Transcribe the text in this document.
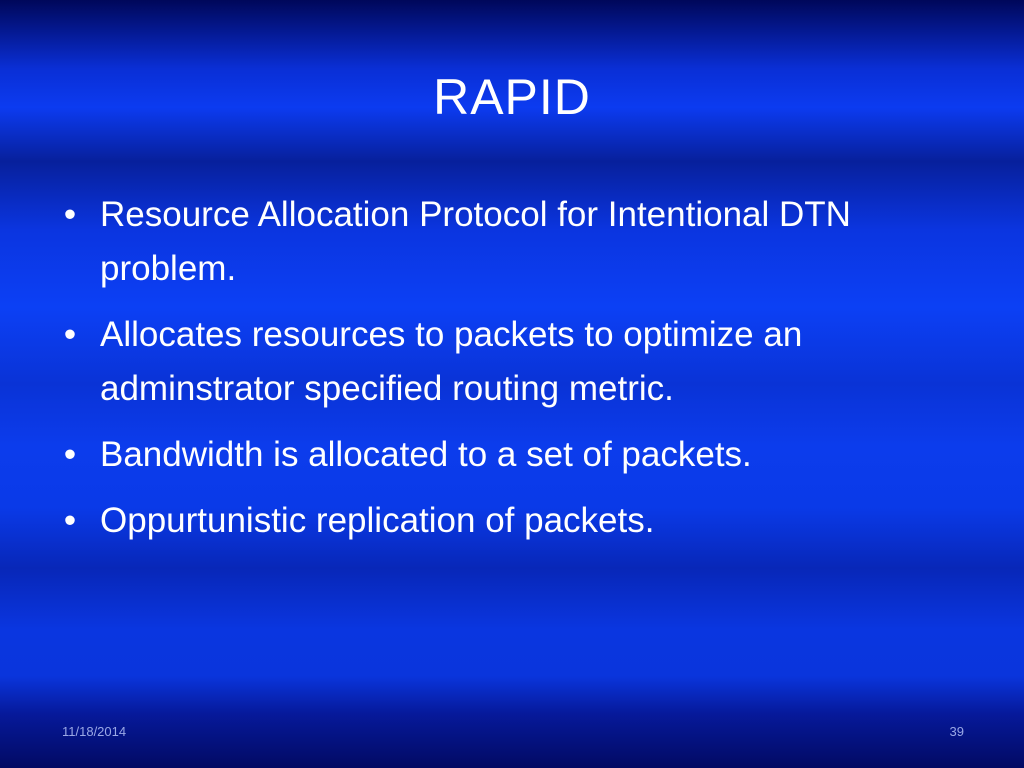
RAPID
• Resource Allocation Protocol for Intentional DTN problem.
• Allocates resources to packets to optimize an adminstrator specified routing metric.
• Bandwidth is allocated to a set of packets.
• Oppurtunistic replication of packets.
11/18/2014	39
